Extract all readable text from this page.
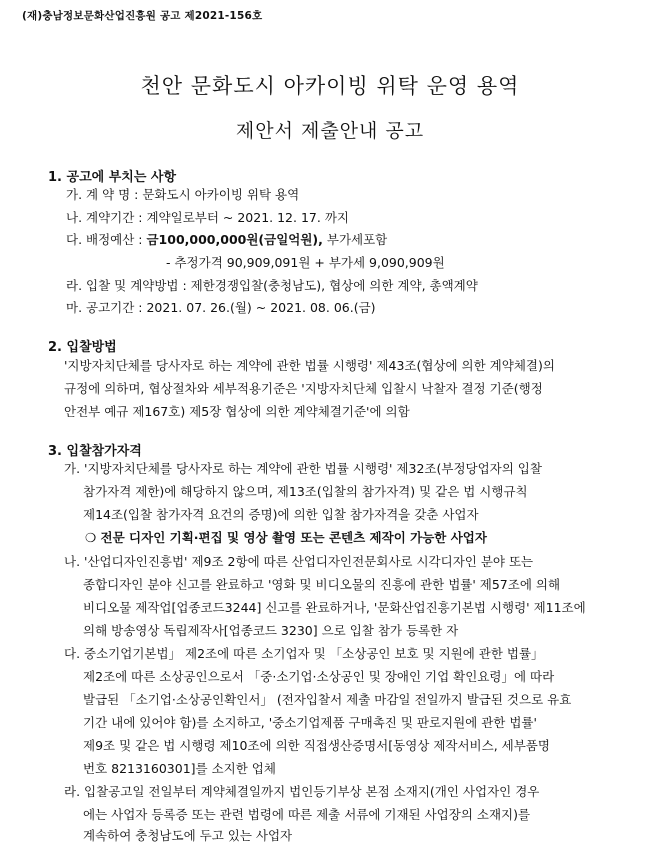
(재)충남정보문화산업진흥원 공고 제2021-156호
천안 문화도시 아카이빙 위탁 운영 용역
제안서 제출안내 공고
1. 공고에 부치는 사항
가. 계 약 명 : 문화도시 아카이빙 위탁 용역
나. 계약기간 : 계약일로부터 ~ 2021. 12. 17. 까지
다. 배정예산 : 금100,000,000원(금일억원), 부가세포함
- 추정가격 90,909,091원 + 부가세 9,090,909원
라. 입찰 및 계약방법 : 제한경쟁입찰(충청남도), 협상에 의한 계약, 총액계약
마. 공고기간 : 2021. 07. 26.(월) ~ 2021. 08. 06.(금)
2. 입찰방법
'지방자치단체를 당사자로 하는 계약에 관한 법률 시행령' 제43조(협상에 의한 계약체결)의
규정에 의하며, 협상절차와 세부적용기준은 '지방자치단체 입찰시 낙찰자 결정 기준(행정
안전부 예규 제167호) 제5장 협상에 의한 계약체결기준'에 의함
3. 입찰참가자격
가. '지방자치단체를 당사자로 하는 계약에 관한 법률 시행령' 제32조(부정당업자의 입찰
참가자격 제한)에 해당하지 않으며, 제13조(입찰의 참가자격) 및 같은 법 시행규칙
제14조(입찰 참가자격 요건의 증명)에 의한 입찰 참가자격을 갖춘 사업자
❍ 전문 디자인 기획·편집 및 영상 촬영 또는 콘텐츠 제작이 가능한 사업자
나. '산업디자인진흥법' 제9조 2항에 따른 산업디자인전문회사로 시각디자인 분야 또는
종합디자인 분야 신고를 완료하고 '영화 및 비디오물의 진흥에 관한 법률' 제57조에 의해
비디오물 제작업[업종코드3244] 신고를 완료하거나, '문화산업진흥기본법 시행령' 제11조에
의해 방송영상 독립제작사[업종코드 3230] 으로 입찰 참가 등록한 자
다. 중소기업기본법」 제2조에 따른 소기업자 및 「소상공인 보호 및 지원에 관한 법률」
제2조에 따른 소상공인으로서 「중·소기업·소상공인 및 장애인 기업 확인요령」에 따라
발급된 「소기업·소상공인확인서」 (전자입찰서 제출 마감일 전일까지 발급된 것으로 유효
기간 내에 있어야 함)를 소지하고, '중소기업제품 구매촉진 및 판로지원에 관한 법률'
제9조 및 같은 법 시행령 제10조에 의한 직접생산증명서[동영상 제작서비스, 세부품명
번호 8213160301]를 소지한 업체
라. 입찰공고일 전일부터 계약체결일까지 법인등기부상 본점 소재지(개인 사업자인 경우
에는 사업자 등록증 또는 관련 법령에 따른 제출 서류에 기재된 사업장의 소재지)를
계속하여 충청남도에 두고 있는 사업자
